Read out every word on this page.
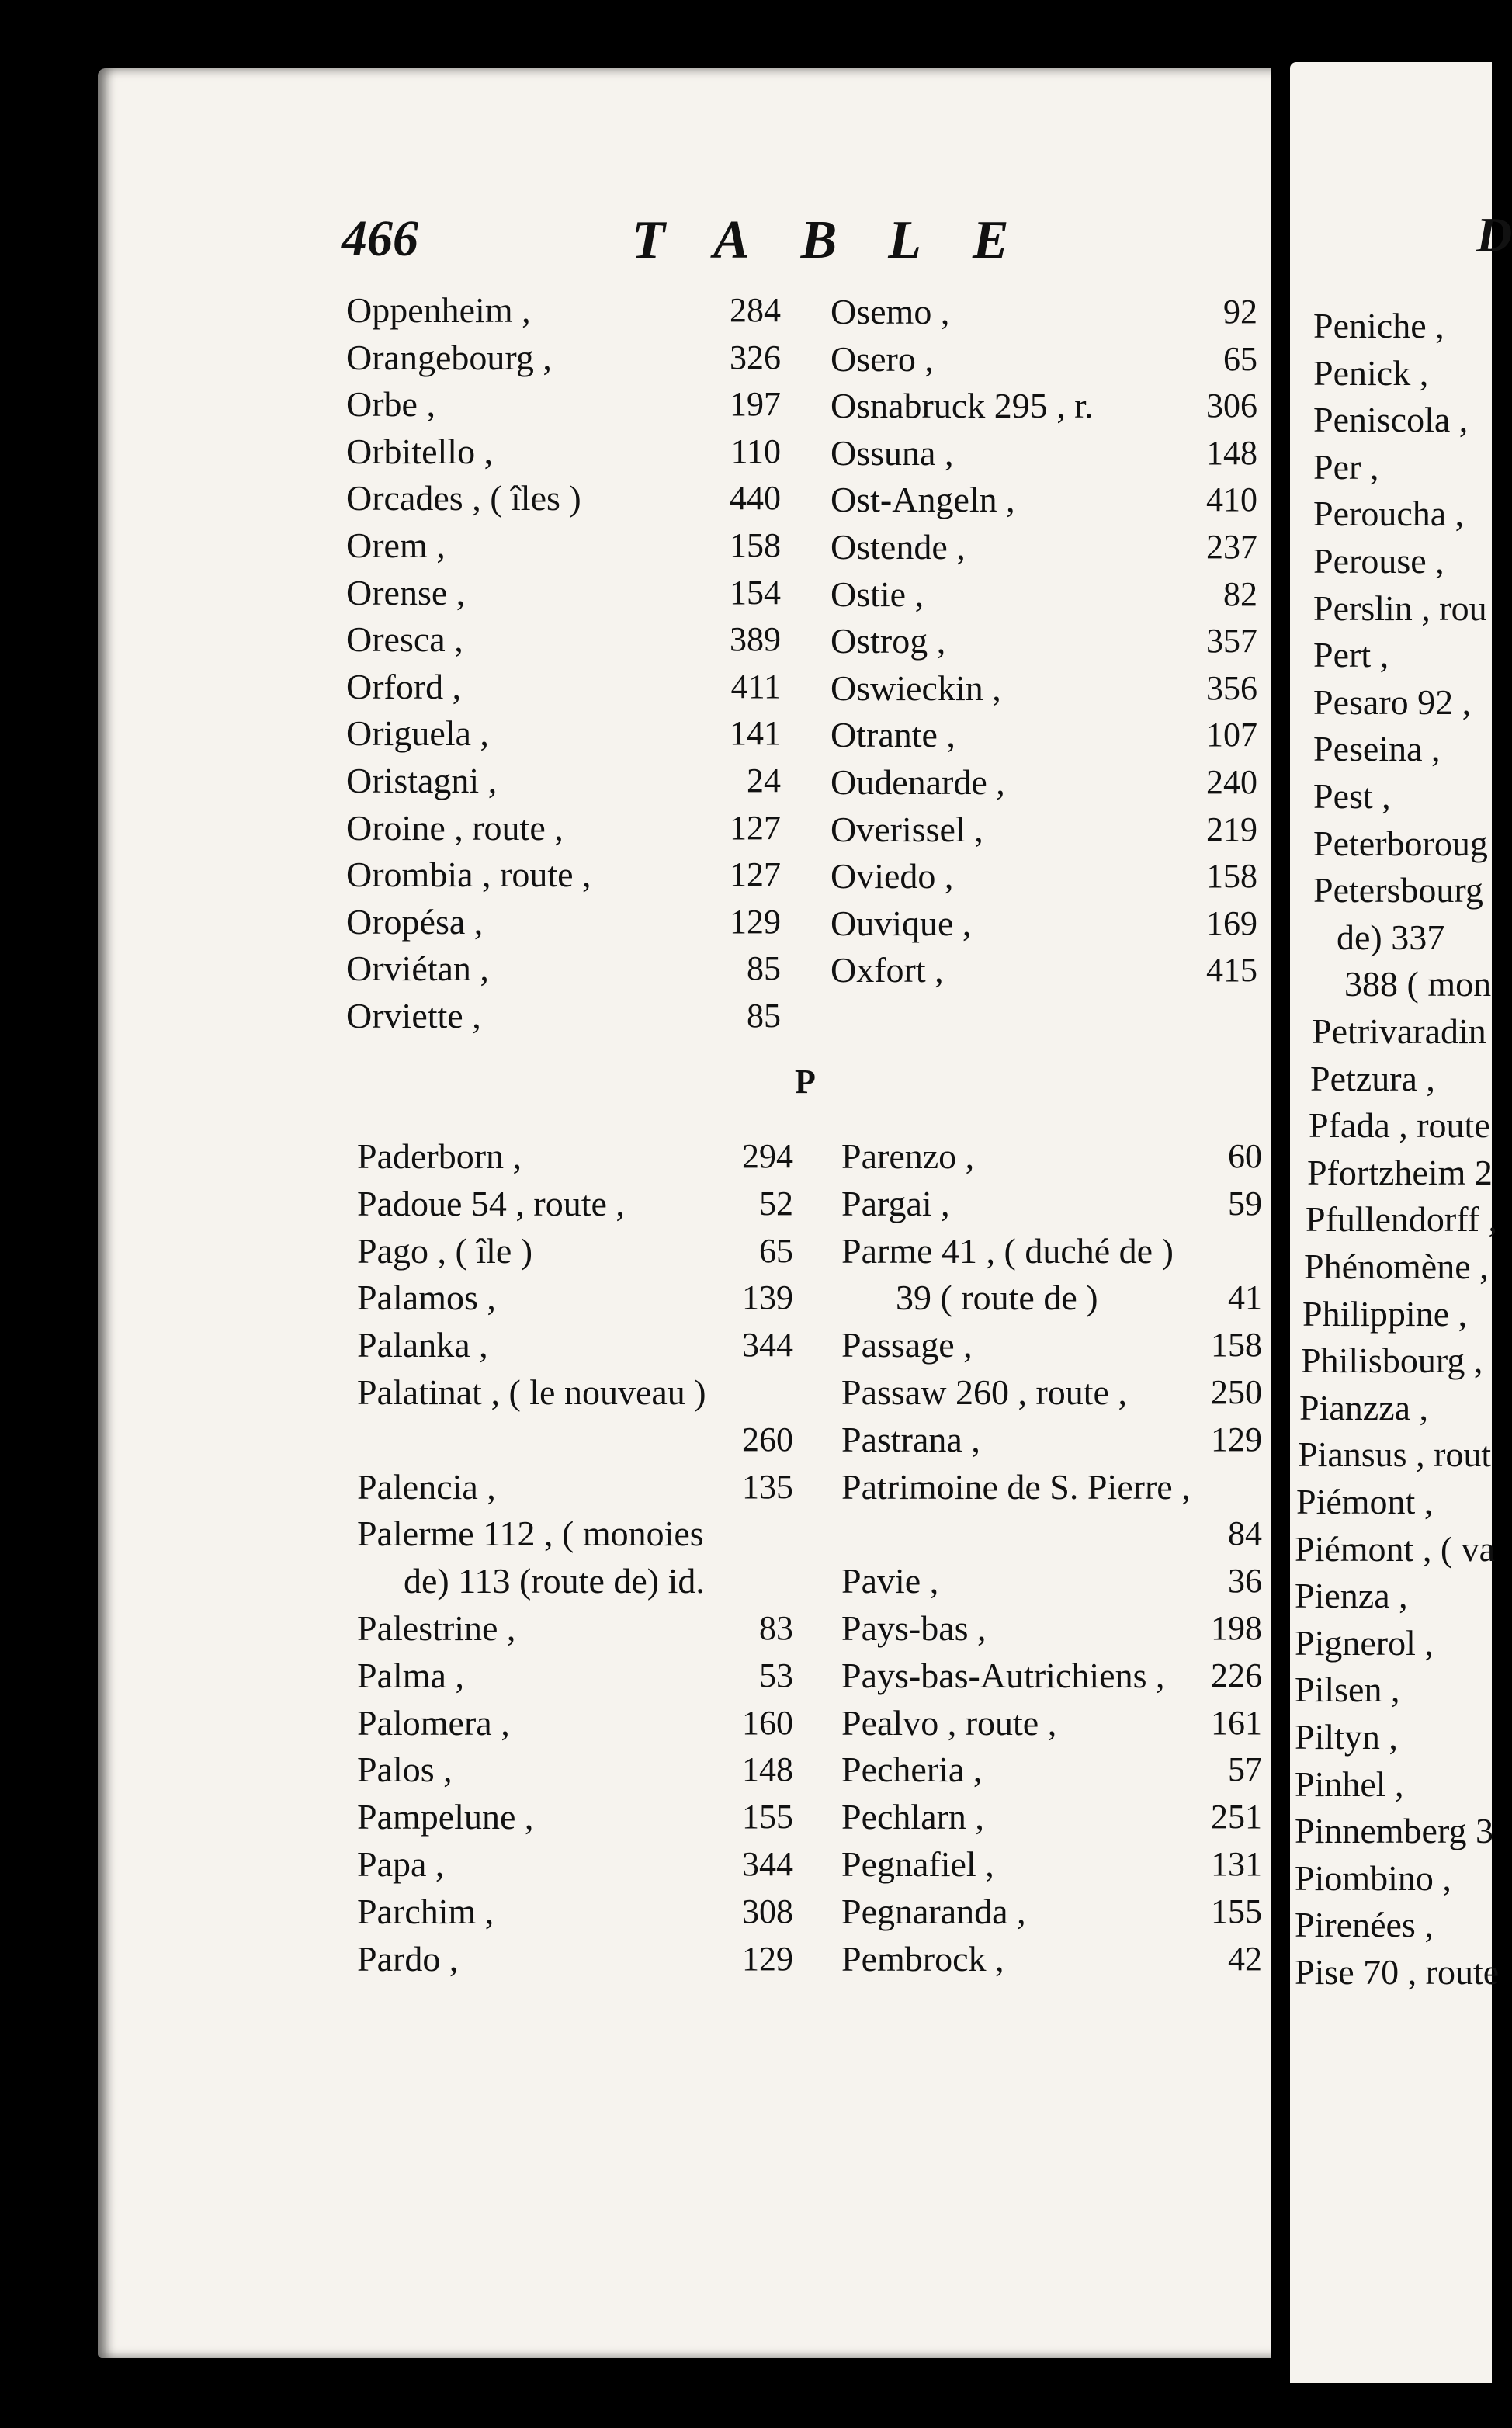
D
Peniche ,
Penick ,
Peniscola ,
Per ,
Peroucha ,
Perouse ,
Perslin , rou
Pert ,
Pesaro 92 ,
Peseina ,
Pest ,
Peterboroug
Petersbourg
de) 337
388 ( mon
Petrivaradin
Petzura ,
Pfada , route
Pfortzheim 2
Pfullendorff ,
Phénomène ,
Philippine ,
Philisbourg ,
Pianzza ,
Piansus , rout
Piémont ,
Piémont , ( va
Pienza ,
Pignerol ,
Pilsen ,
Piltyn ,
Pinhel ,
Pinnemberg 3
Piombino ,
Pirenées ,
Pise 70 , route
466	TABLE
P
Oppenheim ,	284
Orangebourg ,	326
Orbe ,	197
Orbitello ,	110
Orcades , ( îles )	440
Orem ,	158
Orense ,	154
Oresca ,	389
Orford ,	411
Origuela ,	141
Oristagni ,	24
Oroine , route ,	127
Orombia , route ,	127
Oropésa ,	129
Orviétan ,	85
Orviette ,	85
Osemo ,	92
Osero ,	65
Osnabruck 295 , r.	306
Ossuna ,	148
Ost-Angeln ,	410
Ostende ,	237
Ostie ,	82
Ostrog ,	357
Oswieckin ,	356
Otrante ,	107
Oudenarde ,	240
Overissel ,	219
Oviedo ,	158
Ouvique ,	169
Oxfort ,	415
Paderborn ,	294
Padoue 54 , route ,	52
Pago , ( île )	65
Palamos ,	139
Palanka ,	344
Palatinat , ( le nouveau )
260
Palencia ,	135
Palerme 112 , ( monoies
de) 113 (route de) id.
Palestrine ,	83
Palma ,	53
Palomera ,	160
Palos ,	148
Pampelune ,	155
Papa ,	344
Parchim ,	308
Pardo ,	129
Parenzo ,	60
Pargai ,	59
Parme 41 , ( duché de )
39 ( route de )	41
Passage ,	158
Passaw 260 , route ,	250
Pastrana ,	129
Patrimoine de S. Pierre ,
84
Pavie ,	36
Pays-bas ,	198
Pays-bas-Autrichiens ,	226
Pealvo , route ,	161
Pecheria ,	57
Pechlarn ,	251
Pegnafiel ,	131
Pegnaranda ,	155
Pembrock ,	42
